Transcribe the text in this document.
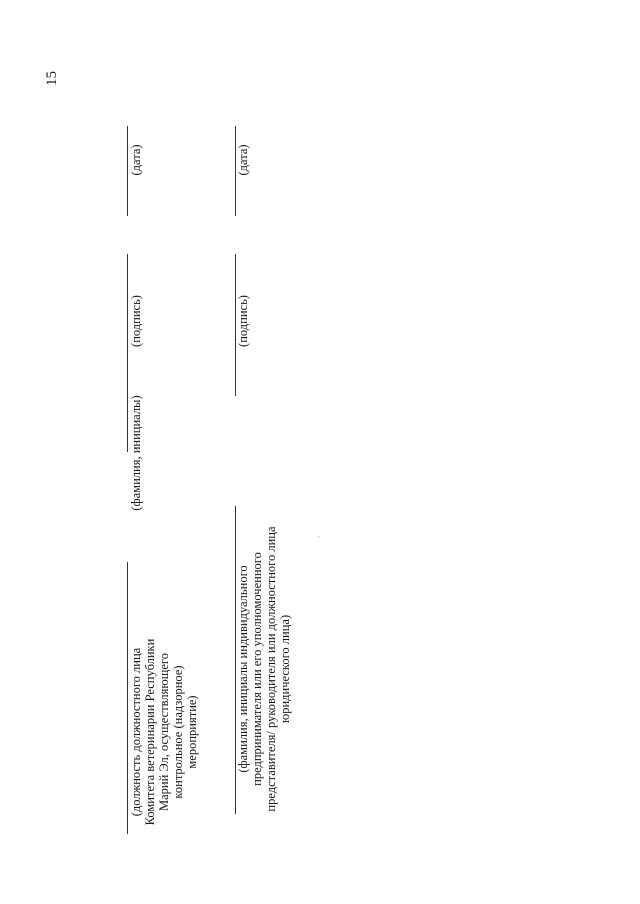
15
(должность должностного лица Комитета ветеринарии Республики Марий Эл, осуществляющего контрольное (надзорное) мероприятие)
(фамилия, инициалы)
(подпись)
(дата)
(фамилия, инициалы индивидуального предпринимателя или его уполномоченного представителя/ руководителя или должностного лица юридического лица)
(подпись)
(дата)
